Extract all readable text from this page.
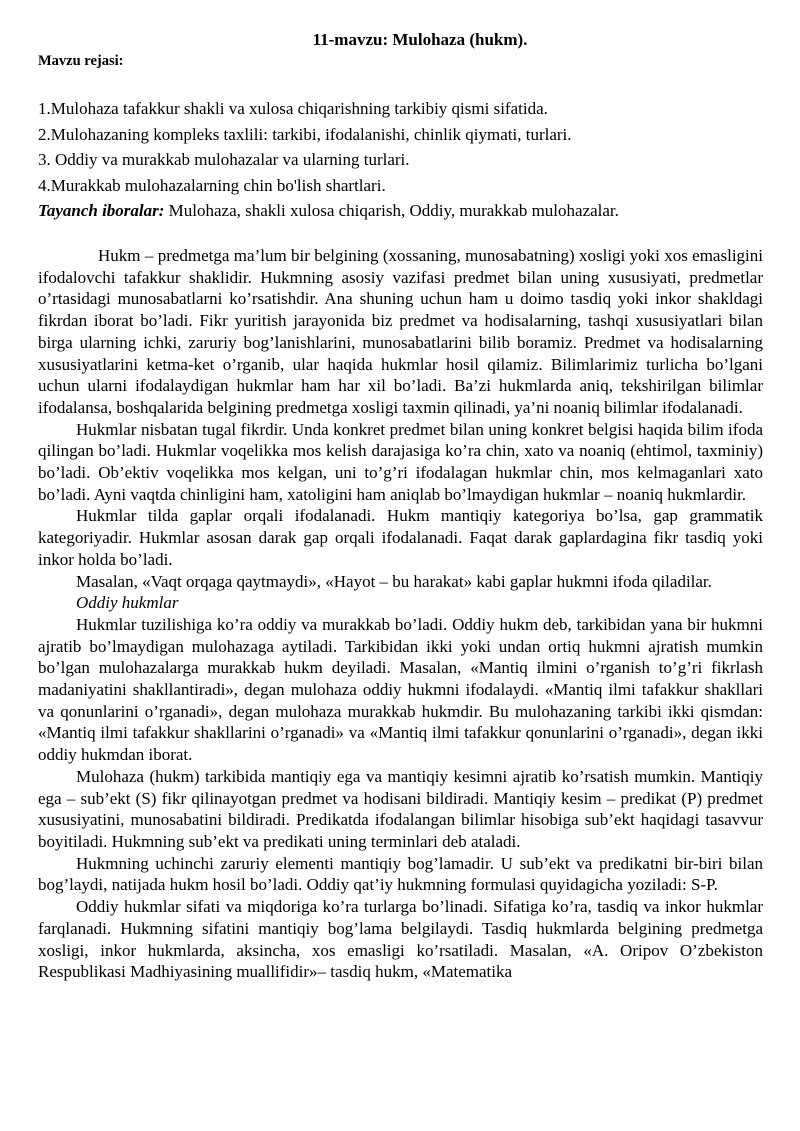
11-mavzu: Mulohaza (hukm).
Mavzu rejasi:
1.Mulohaza tafakkur shakli va xulosa chiqarishning tarkibiy qismi sifatida.
2.Mulohazaning kompleks taxlili: tarkibi, ifodalanishi, chinlik qiymati, turlari.
3. Oddiy va murakkab mulohazalar va ularning turlari.
4.Murakkab mulohazalarning chin bo'lish shartlari.
Tayanch iboralar: Mulohaza, shakli xulosa chiqarish, Oddiy, murakkab mulohazalar.

Hukm – predmetga ma’lum bir belgining (xossaning, munosabatning) xosligi yoki xos emasligini ifodalovchi tafakkur shaklidir. Hukmning asosiy vazifasi predmet bilan uning xususiyati, predmetlar o’rtasidagi munosabatlarni ko’rsatishdir. Ana shuning uchun ham u doimo tasdiq yoki inkor shakldagi fikrdan iborat bo’ladi. Fikr yuritish jarayonida biz predmet va hodisalarning, tashqi xususiyatlari bilan birga ularning ichki, zaruriy bog’lanishlarini, munosabatlarini bilib boramiz. Predmet va hodisalarning xususiyatlarini ketma-ket o’rganib, ular haqida hukmlar hosil qilamiz. Bilimlarimiz turlicha bo’lgani uchun ularni ifodalaydigan hukmlar ham har xil bo’ladi. Ba’zi hukmlarda aniq, tekshirilgan bilimlar ifodalansa, boshqalarida belgining predmetga xosligi taxmin qilinadi, ya’ni noaniq bilimlar ifodalanadi.

Hukmlar nisbatan tugal fikrdir. Unda konkret predmet bilan uning konkret belgisi haqida bilim ifoda qilingan bo’ladi. Hukmlar voqelikka mos kelish darajasiga ko’ra chin, xato va noaniq (ehtimol, taxminiy) bo’ladi. Ob’ektiv voqelikka mos kelgan, uni to’g’ri ifodalagan hukmlar chin, mos kelmaganlari xato bo’ladi. Ayni vaqtda chinligini ham, xatoligini ham aniqlab bo’lmaydigan hukmlar – noaniq hukmlardir.

Hukmlar tilda gaplar orqali ifodalanadi. Hukm mantiqiy kategoriya bo’lsa, gap grammatik kategoriyadir. Hukmlar asosan darak gap orqali ifodalanadi. Faqat darak gaplardagina fikr tasdiq yoki inkor holda bo’ladi.

Masalan, «Vaqt orqaga qaytmaydi», «Hayot – bu harakat» kabi gaplar hukmni ifoda qiladilar.

Oddiy hukmlar

Hukmlar tuzilishiga ko’ra oddiy va murakkab bo’ladi. Oddiy hukm deb, tarkibidan yana bir hukmni ajratib bo’lmaydigan mulohazaga aytiladi. Tarkibidan ikki yoki undan ortiq hukmni ajratish mumkin bo’lgan mulohazalarga murakkab hukm deyiladi. Masalan, «Mantiq ilmini o’rganish to’g’ri fikrlash madaniyatini shakllantiradi», degan mulohaza oddiy hukmni ifodalaydi. «Mantiq ilmi tafakkur shakllari va qonunlarini o’rganadi», degan mulohaza murakkab hukmdir. Bu mulohazaning tarkibi ikki qismdan: «Mantiq ilmi tafakkur shakllarini o’rganadi» va «Mantiq ilmi tafakkur qonunlarini o’rganadi», degan ikki oddiy hukmdan iborat.

Mulohaza (hukm) tarkibida mantiqiy ega va mantiqiy kesimni ajratib ko’rsatish mumkin. Mantiqiy ega – sub’ekt (S) fikr qilinayotgan predmet va hodisani bildiradi. Mantiqiy kesim – predikat (P) predmet xususiyatini, munosabatini bildiradi. Predikatda ifodalangan bilimlar hisobiga sub’ekt haqidagi tasavvur boyitiladi. Hukmning sub’ekt va predikati uning terminlari deb ataladi.

Hukmning uchinchi zaruriy elementi mantiqiy bog’lamadir. U sub’ekt va predikatni bir-biri bilan bog’laydi, natijada hukm hosil bo’ladi. Oddiy qat’iy hukmning formulasi quyidagicha yoziladi: S-P.

Oddiy hukmlar sifati va miqdoriga ko’ra turlarga bo’linadi. Sifatiga ko’ra, tasdiq va inkor hukmlar farqlanadi. Hukmning sifatini mantiqiy bog’lama belgilaydi. Tasdiq hukmlarda belgining predmetga xosligi, inkor hukmlarda, aksincha, xos emasligi ko’rsatiladi. Masalan, «A. Oripov O’zbekiston Respublikasi Madhiyasining muallifidir»– tasdiq hukm, «Matematika
